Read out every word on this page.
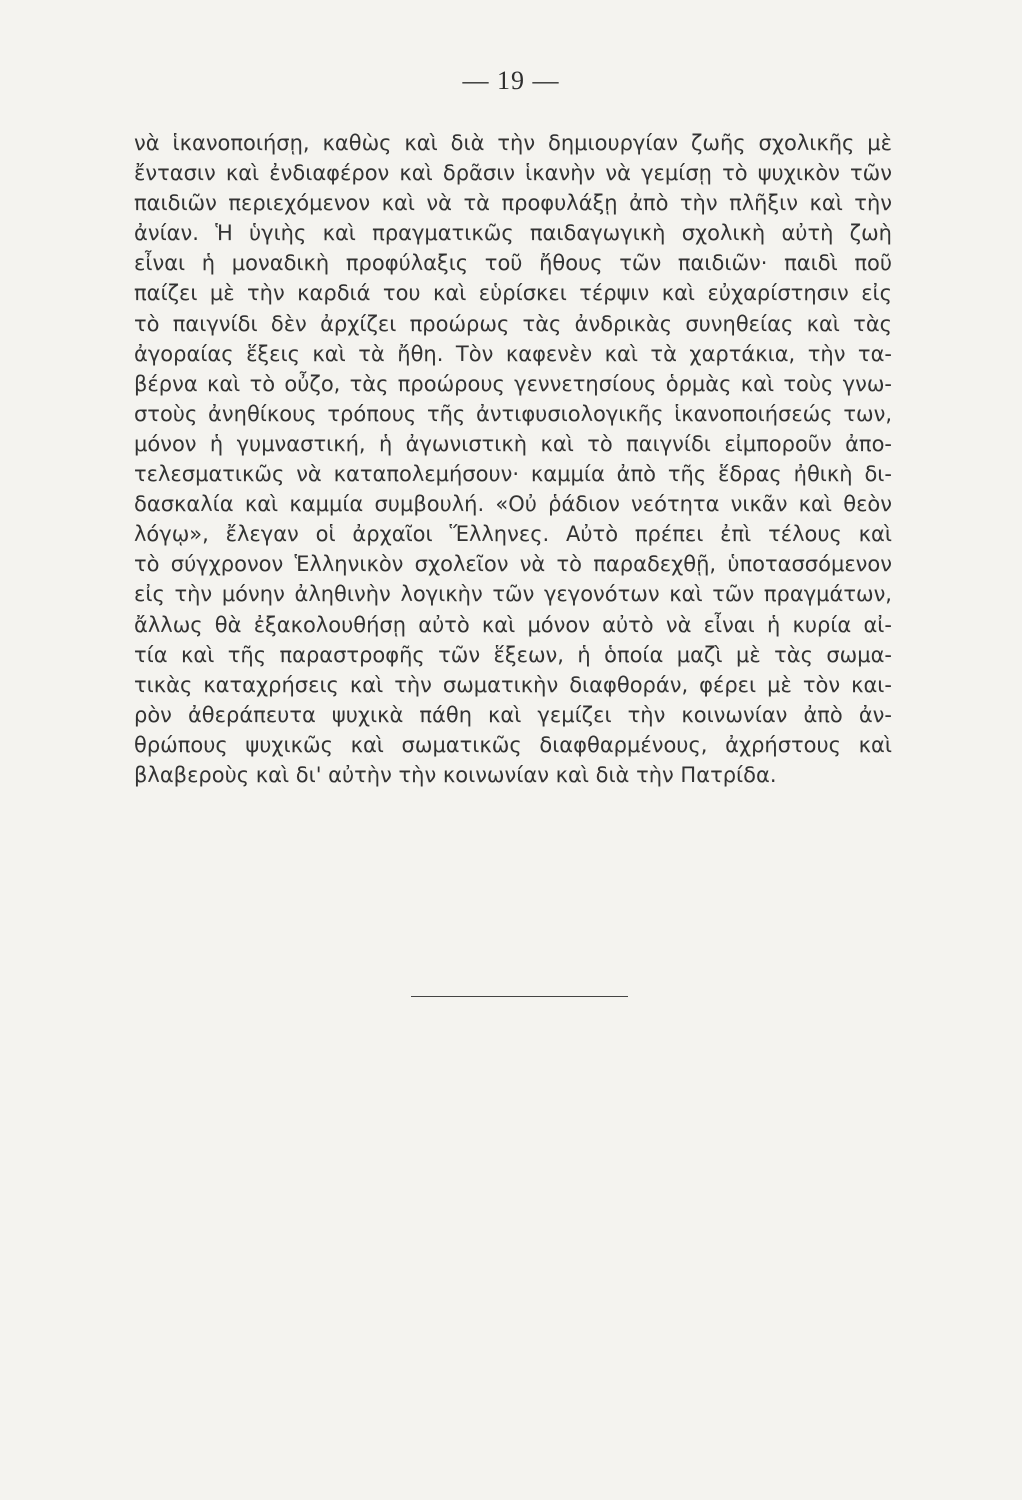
— 19 —
νὰ ἱκανοποιήσῃ, καθὼς καὶ διὰ τὴν δημιουργίαν ζωῆς σχολικῆς μὲ
ἔντασιν καὶ ἐνδιαφέρον καὶ δρᾶσιν ἱκανὴν νὰ γεμίσῃ τὸ ψυχικὸν τῶν
παιδιῶν περιεχόμενον καὶ νὰ τὰ προφυλάξῃ ἀπὸ τὴν πλῆξιν καὶ τὴν
ἀνίαν. Ἡ ὑγιὴς καὶ πραγματικῶς παιδαγωγικὴ σχολικὴ αὐτὴ ζωὴ
εἶναι ἡ μοναδικὴ προφύλαξις τοῦ ἤθους τῶν παιδιῶν· παιδὶ ποῦ
παίζει μὲ τὴν καρδιά του καὶ εὑρίσκει τέρψιν καὶ εὐχαρίστησιν εἰς
τὸ παιγνίδι δὲν ἀρχίζει προώρως τὰς ἀνδρικὰς συνηθείας καὶ τὰς
ἀγοραίας ἕξεις καὶ τὰ ἤθη. Τὸν καφενὲν καὶ τὰ χαρτάκια, τὴν τα-
βέρνα καὶ τὸ οὖζο, τὰς προώρους γεννετησίους ὁρμὰς καὶ τοὺς γνω-
στοὺς ἀνηθίκους τρόπους τῆς ἀντιφυσιολογικῆς ἱκανοποιήσεώς των,
μόνον ἡ γυμναστική, ἡ ἀγωνιστικὴ καὶ τὸ παιγνίδι εἰμποροῦν ἀπο-
τελεσματικῶς νὰ καταπολεμήσουν· καμμία ἀπὸ τῆς ἕδρας ἠθικὴ δι-
δασκαλία καὶ καμμία συμβουλή. «Οὐ ῥάδιον νεότητα νικᾶν καὶ θεὸν
λόγῳ», ἔλεγαν οἱ ἀρχαῖοι Ἕλληνες. Αὐτὸ πρέπει ἐπὶ τέλους καὶ
τὸ σύγχρονον Ἑλληνικὸν σχολεῖον νὰ τὸ παραδεχθῇ, ὑποτασσόμενον
εἰς τὴν μόνην ἀληθινὴν λογικὴν τῶν γεγονότων καὶ τῶν πραγμάτων,
ἄλλως θὰ ἐξακολουθήσῃ αὐτὸ καὶ μόνον αὐτὸ νὰ εἶναι ἡ κυρία αἰ-
τία καὶ τῆς παραστροφῆς τῶν ἕξεων, ἡ ὁποία μαζὶ μὲ τὰς σωμα-
τικὰς καταχρήσεις καὶ τὴν σωματικὴν διαφθοράν, φέρει μὲ τὸν και-
ρὸν ἀθεράπευτα ψυχικὰ πάθη καὶ γεμίζει τὴν κοινωνίαν ἀπὸ ἀν-
θρώπους ψυχικῶς καὶ σωματικῶς διαφθαρμένους, ἀχρήστους καὶ
βλαβεροὺς καὶ δι' αὐτὴν τὴν κοινωνίαν καὶ διὰ τὴν Πατρίδα.
